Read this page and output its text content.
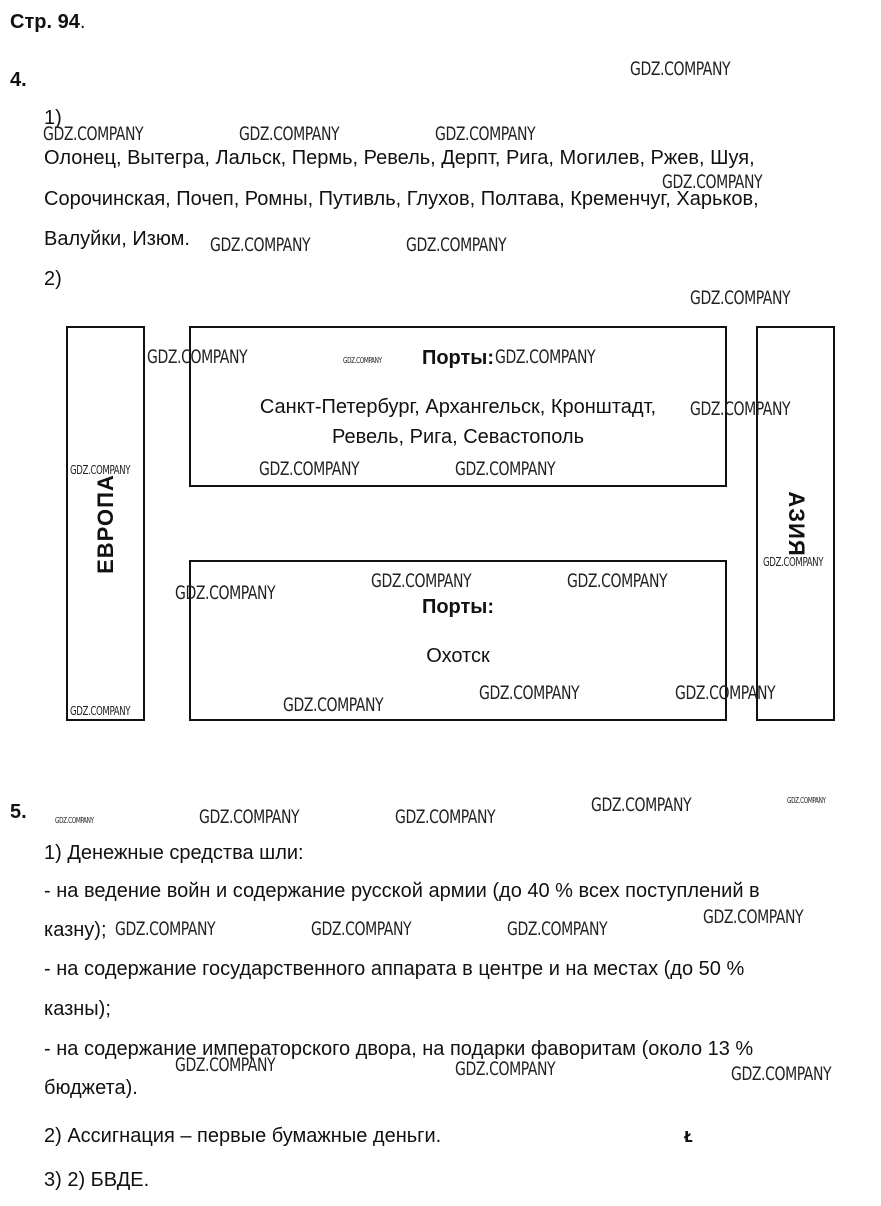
Стр. 94.
4.
1)
Олонец, Вытегра, Лальск, Пермь, Ревель, Дерпт, Рига, Могилев, Ржев, Шуя,
Сорочинская, Почеп, Ромны, Путивль, Глухов, Полтава, Кременчуг, Харьков,
Валуйки, Изюм.
2)
ЕВРОПА	АЗИЯ
Порты:
Санкт-Петербург, Архангельск, Кронштадт,
Ревель, Рига, Севастополь
Порты:
Охотск
5.
1) Денежные средства шли:
- на ведение войн и содержание русской армии (до 40 % всех поступлений в
казну);
- на содержание государственного аппарата в центре и на местах (до 50 %
казны);
- на содержание императорского двора, на подарки фаворитам (около 13 %
бюджета).
2) Ассигнация – первые бумажные деньги.
3) 2) БВДЕ.
ᴌ
GDZ.COMPANY
GDZ.COMPANY	GDZ.COMPANY	GDZ.COMPANY
GDZ.COMPANY
GDZ.COMPANY	GDZ.COMPANY
GDZ.COMPANY
GDZ.COMPANY	GDZ.COMPANY	GDZ.COMPANY
GDZ.COMPANY
GDZ.COMPANY	GDZ.COMPANY	GDZ.COMPANY
GDZ.COMPANY
GDZ.COMPANY	GDZ.COMPANY
GDZ.COMPANY
GDZ.COMPANY	GDZ.COMPANY
GDZ.COMPANY
GDZ.COMPANY
GDZ.COMPANY	GDZ.COMPANY
GDZ.COMPANY	GDZ.COMPANY	GDZ.COMPANY
GDZ.COMPANY
GDZ.COMPANY	GDZ.COMPANY	GDZ.COMPANY
GDZ.COMPANY	GDZ.COMPANY	GDZ.COMPANY
